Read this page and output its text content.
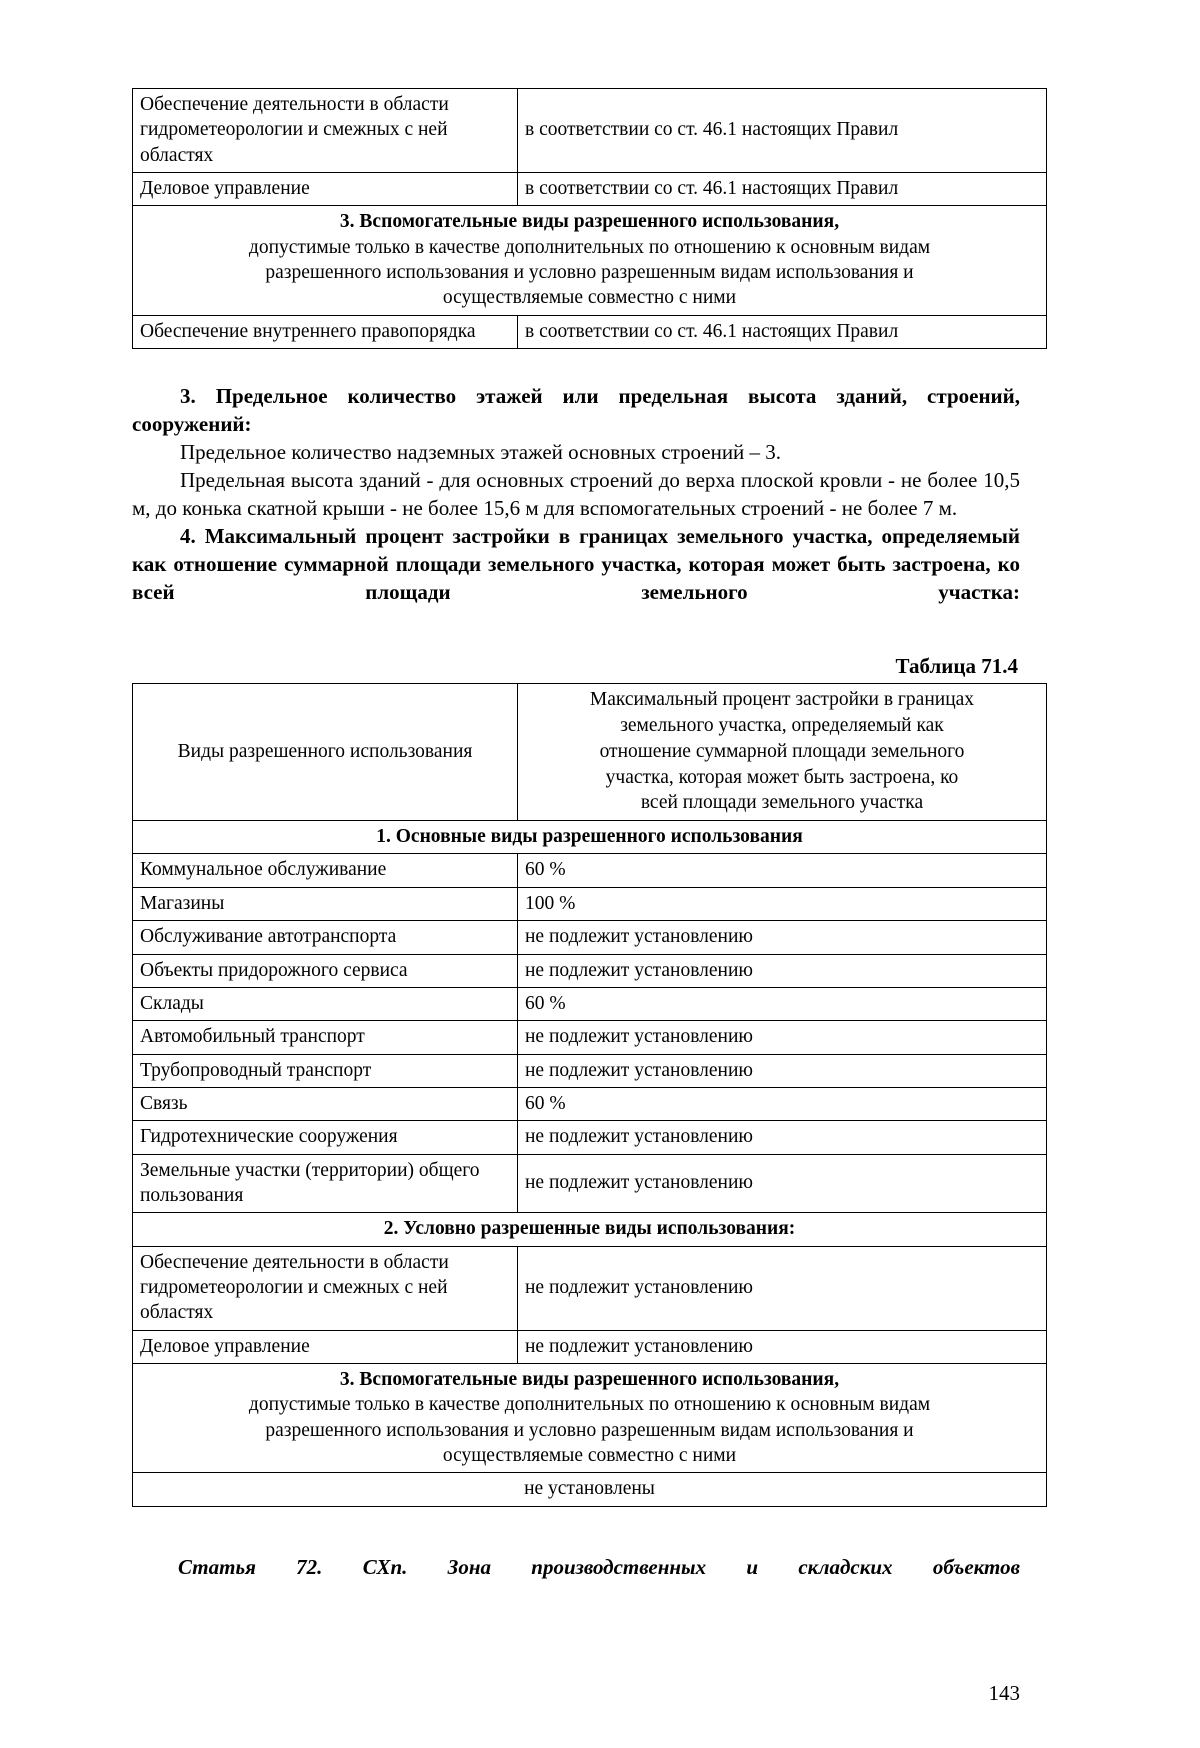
Обеспечение деятельности в области гидрометеорологии и смежных с ней областях	в соответствии со ст. 46.1 настоящих Правил
Деловое управление	в соответствии со ст. 46.1 настоящих Правил

3. Вспомогательные виды разрешенного использования,
допустимые только в качестве дополнительных по отношению к основным видам
разрешенного использования и условно разрешенным видам использования и
осуществляемые совместно с ними	

Обеспечение внутреннего правопорядка	в соответствии со ст. 46.1 настоящих Правил

3. Предельное количество этажей или предельная высота зданий, строений, сооружений:

Предельное количество надземных этажей основных строений – 3.

Предельная высота зданий - для основных строений до верха плоской кровли - не более 10,5 м, до конька скатной крыши - не более 15,6 м для вспомогательных строений - не более 7 м.

4. Максимальный процент застройки в границах земельного участка, определяемый как отношение суммарной площади земельного участка, которая может быть застроена, ко всей площади земельного участка:

Таблица 71.4
Виды разрешенного использования	Максимальный процент застройки в границах
земельного участка, определяемый как
отношение суммарной площади земельного
участка, которая может быть застроена, ко
всей площади земельного участка

1. Основные виды разрешенного использования	

Коммунальное обслуживание	60 %
Магазины	100 %
Обслуживание автотранспорта	не подлежит установлению
Объекты придорожного сервиса	не подлежит установлению
Склады	60 %
Автомобильный транспорт	не подлежит установлению
Трубопроводный транспорт	не подлежит установлению
Связь	60 %
Гидротехнические сооружения	не подлежит установлению
Земельные участки (территории) общего пользования	не подлежит установлению

2. Условно разрешенные виды использования:	

Обеспечение деятельности в области гидрометеорологии и смежных с ней областях	не подлежит установлению
Деловое управление	не подлежит установлению

3. Вспомогательные виды разрешенного использования,
допустимые только в качестве дополнительных по отношению к основным видам
разрешенного использования и условно разрешенным видам использования и
осуществляемые совместно с ними	

не установлены	

Статья 72. СХп. Зона производственных и складских объектов

143
